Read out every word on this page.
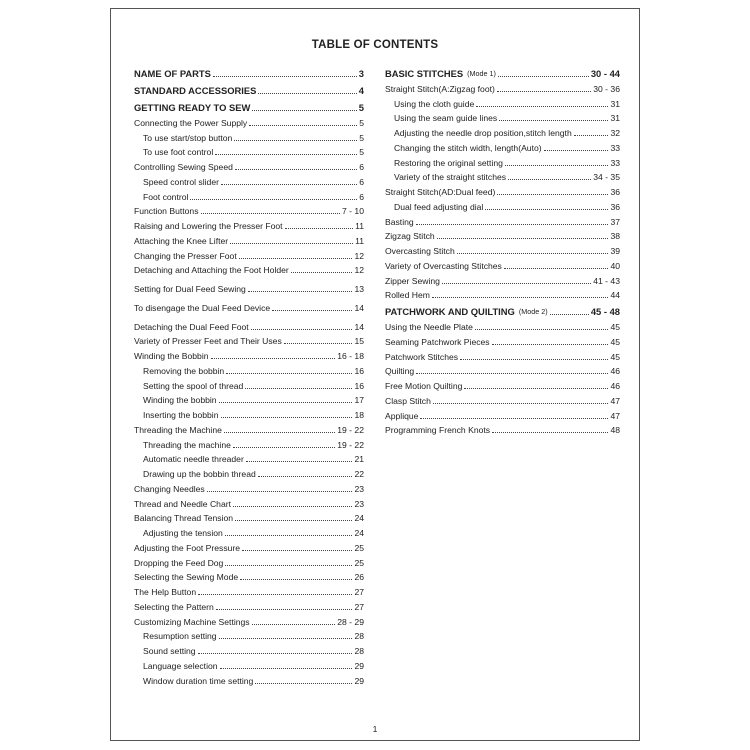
TABLE OF CONTENTS
NAME OF PARTS	3
STANDARD ACCESSORIES	4
GETTING READY TO SEW	5
Connecting the Power Supply	5
To use start/stop button	5
To use foot control	5
Controlling Sewing Speed	6
Speed control slider	6
Foot control	6
Function Buttons	7 - 10
Raising and Lowering the Presser Foot	11
Attaching the Knee Lifter	11
Changing the Presser Foot	12
Detaching and Attaching the Foot Holder	12
Setting for Dual Feed Sewing	13
To disengage the Dual Feed Device	14
Detaching the Dual Feed Foot	14
Variety of Presser Feet and Their Uses	15
Winding the Bobbin	16 - 18
Removing the bobbin	16
Setting the spool of thread	16
Winding the bobbin	17
Inserting the bobbin	18
Threading the Machine	19 - 22
Threading the machine	19 - 22
Automatic needle threader	21
Drawing up the bobbin thread	22
Changing Needles	23
Thread and Needle Chart	23
Balancing Thread Tension	24
Adjusting the tension	24
Adjusting the Foot Pressure	25
Dropping the Feed Dog	25
Selecting the Sewing Mode	26
The Help Button	27
Selecting the Pattern	27
Customizing Machine Settings	28 - 29
Resumption setting	28
Sound setting	28
Language selection	29
Window duration time setting	29
BASIC STITCHES (Mode 1)	30 - 44
Straight Stitch(A:Zigzag foot)	30 - 36
Using the cloth guide	31
Using the seam guide lines	31
Adjusting the needle drop position,stitch length	32
Changing the stitch width, length(Auto)	33
Restoring the original setting	33
Variety of the straight stitches	34 - 35
Straight Stitch(AD:Dual feed)	36
Dual feed adjusting dial	36
Basting	37
Zigzag Stitch	38
Overcasting Stitch	39
Variety of Overcasting Stitches	40
Zipper Sewing	41 - 43
Rolled Hem	44
PATCHWORK AND QUILTING (Mode 2)	45 - 48
Using the Needle Plate	45
Seaming Patchwork Pieces	45
Patchwork Stitches	45
Quilting	46
Free Motion Quilting	46
Clasp Stitch	47
Applique	47
Programming French Knots	48
1
